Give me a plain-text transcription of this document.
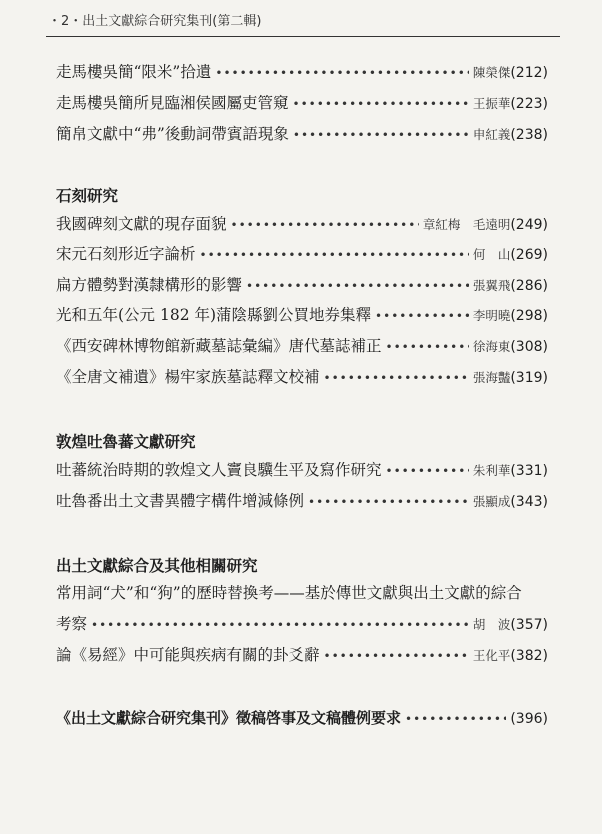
・2・出土文獻綜合研究集刊(第二輯)
走馬樓吳簡“限米”拾遺 •••••	陳榮傑 (212)
走馬樓吳簡所見臨湘侯國屬吏管窺 •••••	王振華 (223)
簡帛文獻中“弗”後動詞帶賓語現象 •••••	申紅義 (238)
石刻研究
我國碑刻文獻的現存面貌 •••••	章紅梅　毛遠明 (249)
宋元石刻形近字論析 •••••	何　山 (269)
扁方體勢對漢隸構形的影響 •••••	張翼飛 (286)
光和五年(公元 182 年)蒲陰縣劉公買地券集釋 •••••	李明曉 (298)
《西安碑林博物館新藏墓誌彙編》唐代墓誌補正 •••••	徐海東 (308)
《全唐文補遺》楊牢家族墓誌釋文校補 •••••	張海豔 (319)
敦煌吐魯蕃文獻研究
吐蕃統治時期的敦煌文人竇良驥生平及寫作研究 •••••	朱利華 (331)
吐魯番出土文書異體字構件增減條例 •••••	張顯成 (343)
出土文獻綜合及其他相關研究
常用詞“犬”和“狗”的歷時替換考——基於傳世文獻與出土文獻的綜合
考察 •••••	胡　波 (357)
論《易經》中可能與疾病有關的卦爻辭 •••••	王化平 (382)
《出土文獻綜合研究集刊》徵稿啓事及文稿體例要求 •••••	(396)
